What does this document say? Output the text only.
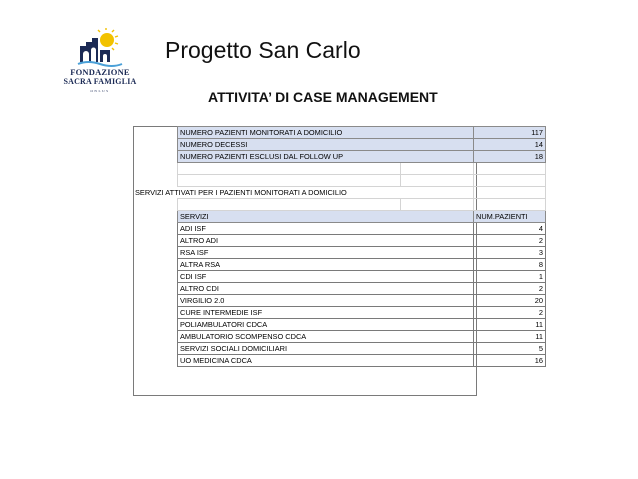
FONDAZIONE
SACRA FAMIGLIA
ONLUS
Progetto San Carlo
ATTIVITA’ DI CASE MANAGEMENT
	NUMERO PAZIENTI MONITORATI A DOMICILIO		117
	NUMERO DECESSI		14
	NUMERO PAZIENTI ESCLUSI DAL FOLLOW UP		18

SERVIZI ATTIVATI PER I PAZIENTI MONITORATI A DOMICILIO			

	SERVIZI		NUM.PAZIENTI
	ADI ISF		4
	ALTRO ADI		2
	RSA ISF		3
	ALTRA RSA		8
	CDI ISF		1
	ALTRO CDI		2
	VIRGILIO 2.0		20
	CURE INTERMEDIE ISF		2
	POLIAMBULATORI CDCA		11
	AMBULATORIO SCOMPENSO CDCA		11
	SERVIZI SOCIALI DOMICILIARI		5
	UO MEDICINA CDCA		16
